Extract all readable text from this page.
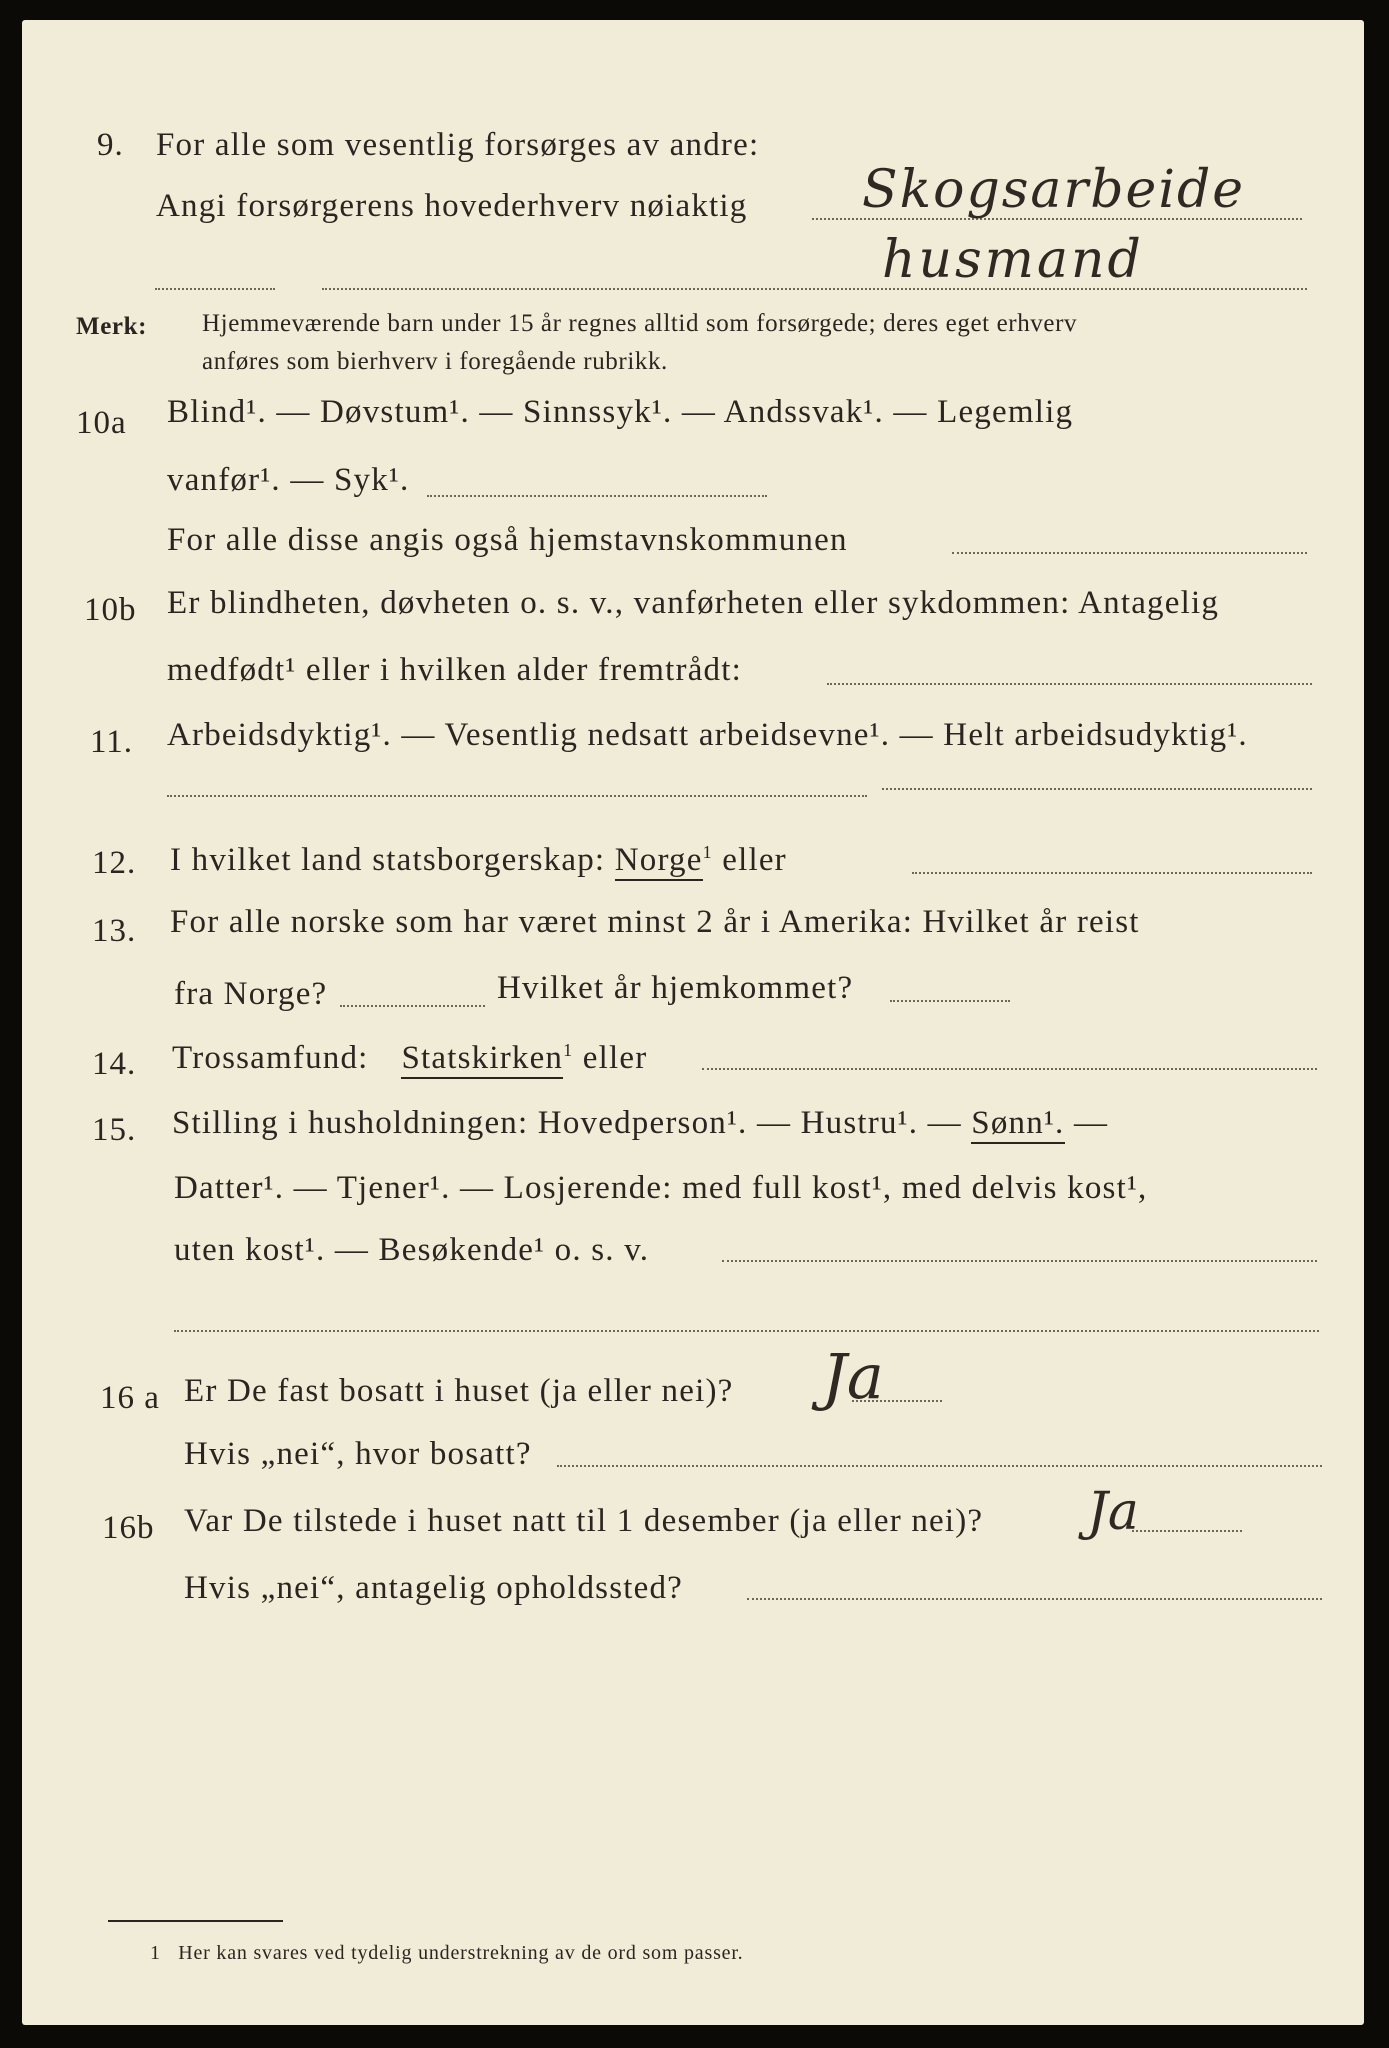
9. For alle som vesentlig forsørges av andre:
Angi forsørgerens hovederhverv nøiaktig Skogsarbeide
husmand
Merk: Hjemmeværende barn under 15 år regnes alltid som forsørgede; deres eget erhverv
anføres som bierhverv i foregående rubrikk.
10a Blind¹. — Døvstum¹. — Sinnssyk¹. — Andssvak¹. — Legemlig
vanfør¹. — Syk¹.
For alle disse angis også hjemstavnskommunen
10b Er blindheten, døvheten o. s. v., vanførheten eller sykdommen: Antagelig
medfødt¹ eller i hvilken alder fremtrådt:
11. Arbeidsdyktig¹. — Vesentlig nedsatt arbeidsevne¹. — Helt arbeidsudyktig¹.
12. I hvilket land statsborgerskap: Norge$^1$ eller
13. For alle norske som har været minst 2 år i Amerika: Hvilket år reist
fra Norge?	Hvilket år hjemkommet?
14. Trossamfund: Statskirken$^1$ eller
15. Stilling i husholdningen: Hovedperson¹. — Hustru¹. — Sønn¹. —
Datter¹. — Tjener¹. — Losjerende: med full kost¹, med delvis kost¹,
uten kost¹. — Besøkende¹ o. s. v.
16 a Er De fast bosatt i huset (ja eller nei)? Ja
Hvis „nei“, hvor bosatt?
16b Var De tilstede i huset natt til 1 desember (ja eller nei)? Ja
Hvis „nei“, antagelig opholdssted?
1 Her kan svares ved tydelig understrekning av de ord som passer.
